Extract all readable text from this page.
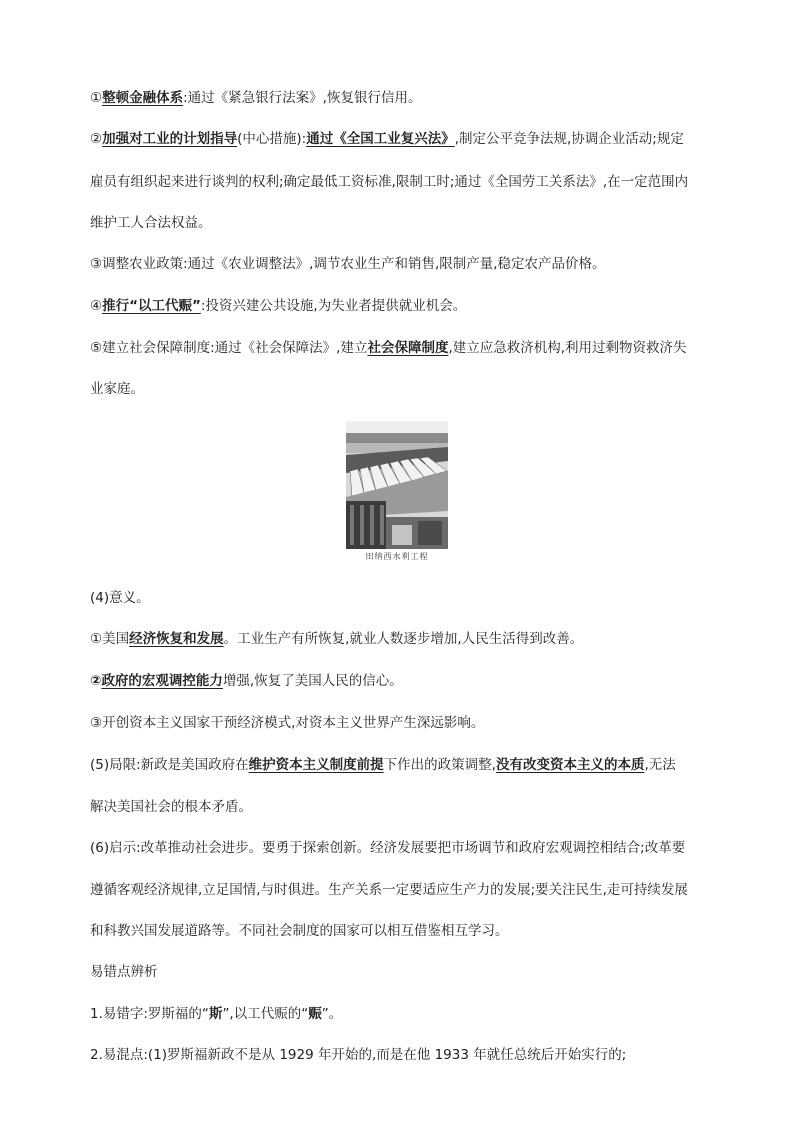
①整顿金融体系:通过《紧急银行法案》,恢复银行信用。
②加强对工业的计划指导(中心措施):通过《全国工业复兴法》,制定公平竞争法规,协调企业活动;规定
雇员有组织起来进行谈判的权利;确定最低工资标准,限制工时;通过《全国劳工关系法》,在一定范围内
维护工人合法权益。
③调整农业政策:通过《农业调整法》,调节农业生产和销售,限制产量,稳定农产品价格。
④推行“以工代赈”:投资兴建公共设施,为失业者提供就业机会。
⑤建立社会保障制度:通过《社会保障法》,建立社会保障制度,建立应急救济机构,利用过剩物资救济失
业家庭。
田纳西水利工程
(4)意义。
①美国经济恢复和发展。工业生产有所恢复,就业人数逐步增加,人民生活得到改善。
②政府的宏观调控能力增强,恢复了美国人民的信心。
③开创资本主义国家干预经济模式,对资本主义世界产生深远影响。
(5)局限:新政是美国政府在维护资本主义制度前提下作出的政策调整,没有改变资本主义的本质,无法
解决美国社会的根本矛盾。
(6)启示:改革推动社会进步。要勇于探索创新。经济发展要把市场调节和政府宏观调控相结合;改革要
遵循客观经济规律,立足国情,与时俱进。生产关系一定要适应生产力的发展;要关注民生,走可持续发展
和科教兴国发展道路等。不同社会制度的国家可以相互借鉴相互学习。
易错点辨析
1.易错字:罗斯福的“斯”,以工代赈的“赈”。
2.易混点:(1)罗斯福新政不是从 1929 年开始的,而是在他 1933 年就任总统后开始实行的;
